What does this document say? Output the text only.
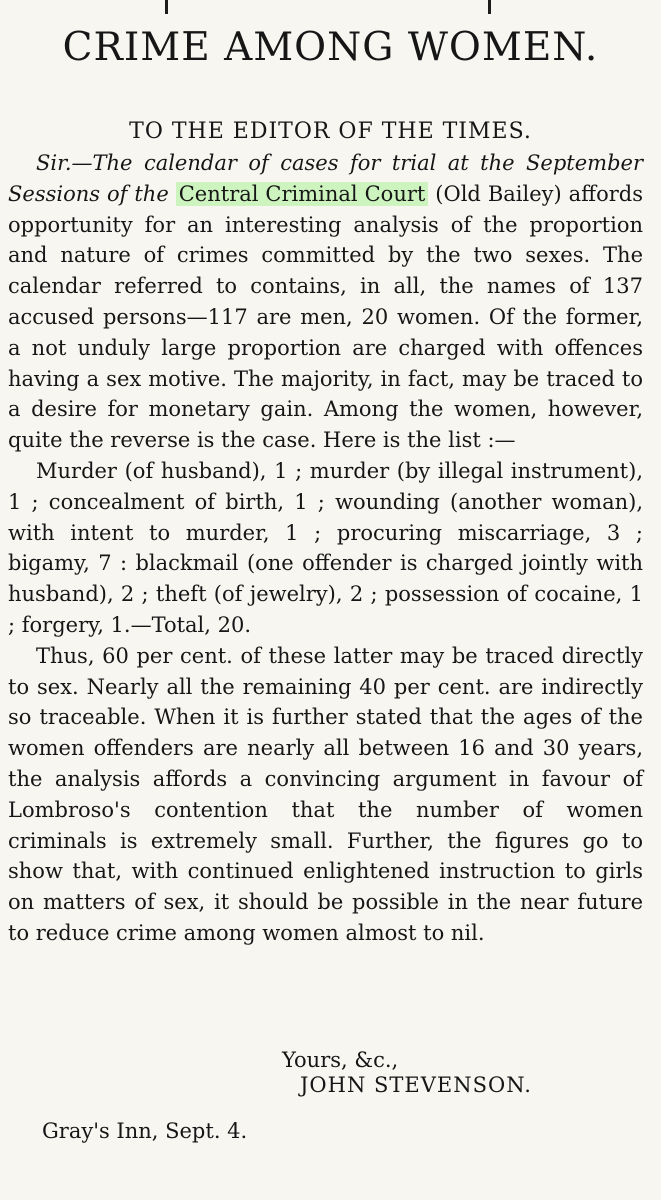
CRIME AMONG WOMEN.
TO THE EDITOR OF THE TIMES.

Sir.—The calendar of cases for trial at the September Sessions of the Central Criminal Court (Old Bailey) affords opportunity for an interesting analysis of the proportion and nature of crimes committed by the two sexes. The calendar referred to contains, in all, the names of 137 accused persons—117 are men, 20 women. Of the former, a not unduly large proportion are charged with offences having a sex motive. The majority, in fact, may be traced to a desire for monetary gain. Among the women, however, quite the reverse is the case. Here is the list :—

Murder (of husband), 1 ; murder (by illegal instrument), 1 ; concealment of birth, 1 ; wounding (another woman), with intent to murder, 1 ; procuring miscarriage, 3 ; bigamy, 7 : blackmail (one offender is charged jointly with husband), 2 ; theft (of jewelry), 2 ; possession of cocaine, 1 ; forgery, 1.—Total, 20.

Thus, 60 per cent. of these latter may be traced directly to sex. Nearly all the remaining 40 per cent. are indirectly so traceable. When it is further stated that the ages of the women offenders are nearly all between 16 and 30 years, the analysis affords a convincing argument in favour of Lombroso's contention that the number of women criminals is extremely small. Further, the figures go to show that, with continued enlightened instruction to girls on matters of sex, it should be possible in the near future to reduce crime among women almost to nil.

Yours, &c.,
JOHN STEVENSON.
Gray's Inn, Sept. 4.
